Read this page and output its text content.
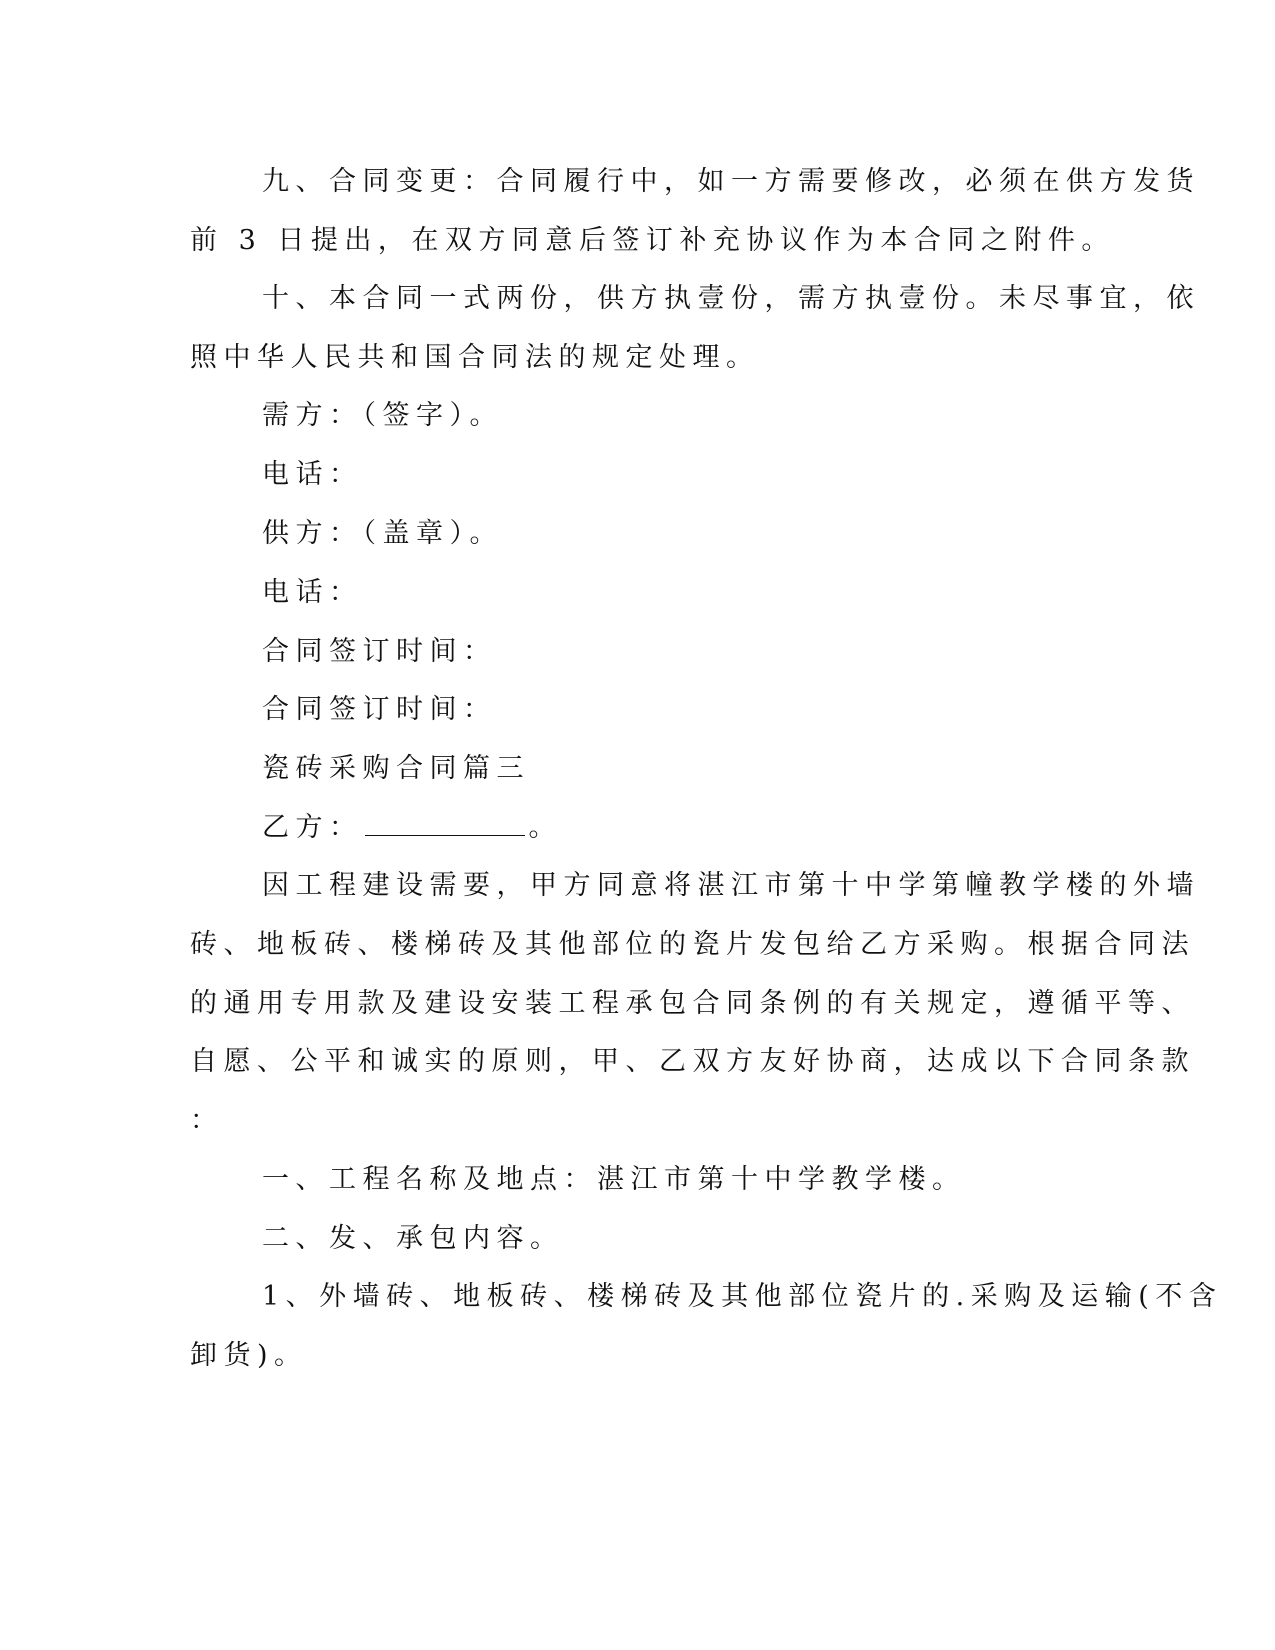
九、合同变更：合同履行中，如一方需要修改，必须在供方发货
前 3 日提出，在双方同意后签订补充协议作为本合同之附件。
十、本合同一式两份，供方执壹份，需方执壹份。未尽事宜，依
照中华人民共和国合同法的规定处理。
需方：（签字）。
电话：
供方：（盖章）。
电话：
合同签订时间：
合同签订时间：
瓷砖采购合同篇三
乙方：	。
因工程建设需要，甲方同意将湛江市第十中学第幢教学楼的外墙
砖、地板砖、楼梯砖及其他部位的瓷片发包给乙方采购。根据合同法
的通用专用款及建设安装工程承包合同条例的有关规定，遵循平等、
自愿、公平和诚实的原则，甲、乙双方友好协商，达成以下合同条款
：
一、工程名称及地点：湛江市第十中学教学楼。
二、发、承包内容。
1、外墙砖、地板砖、楼梯砖及其他部位瓷片的.采购及运输(不含
卸货)。
